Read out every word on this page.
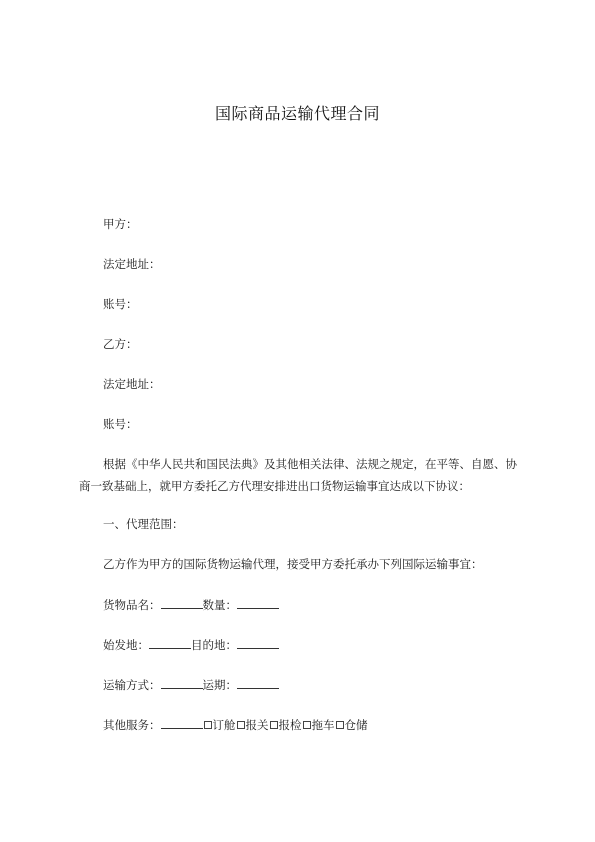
国际商品运输代理合同
甲方：
法定地址：
账号：
乙方：
法定地址：
账号：
根据《中华人民共和国民法典》及其他相关法律、法规之规定，在平等、自愿、协商一致基础上，就甲方委托乙方代理安排进出口货物运输事宜达成以下协议：
一、代理范围：
乙方作为甲方的国际货物运输代理，接受甲方委托承办下列国际运输事宜：
货物品名：	数量：
始发地：	目的地：
运输方式：	运期：
其他服务：	订舱 报关 报检 拖车 仓储
